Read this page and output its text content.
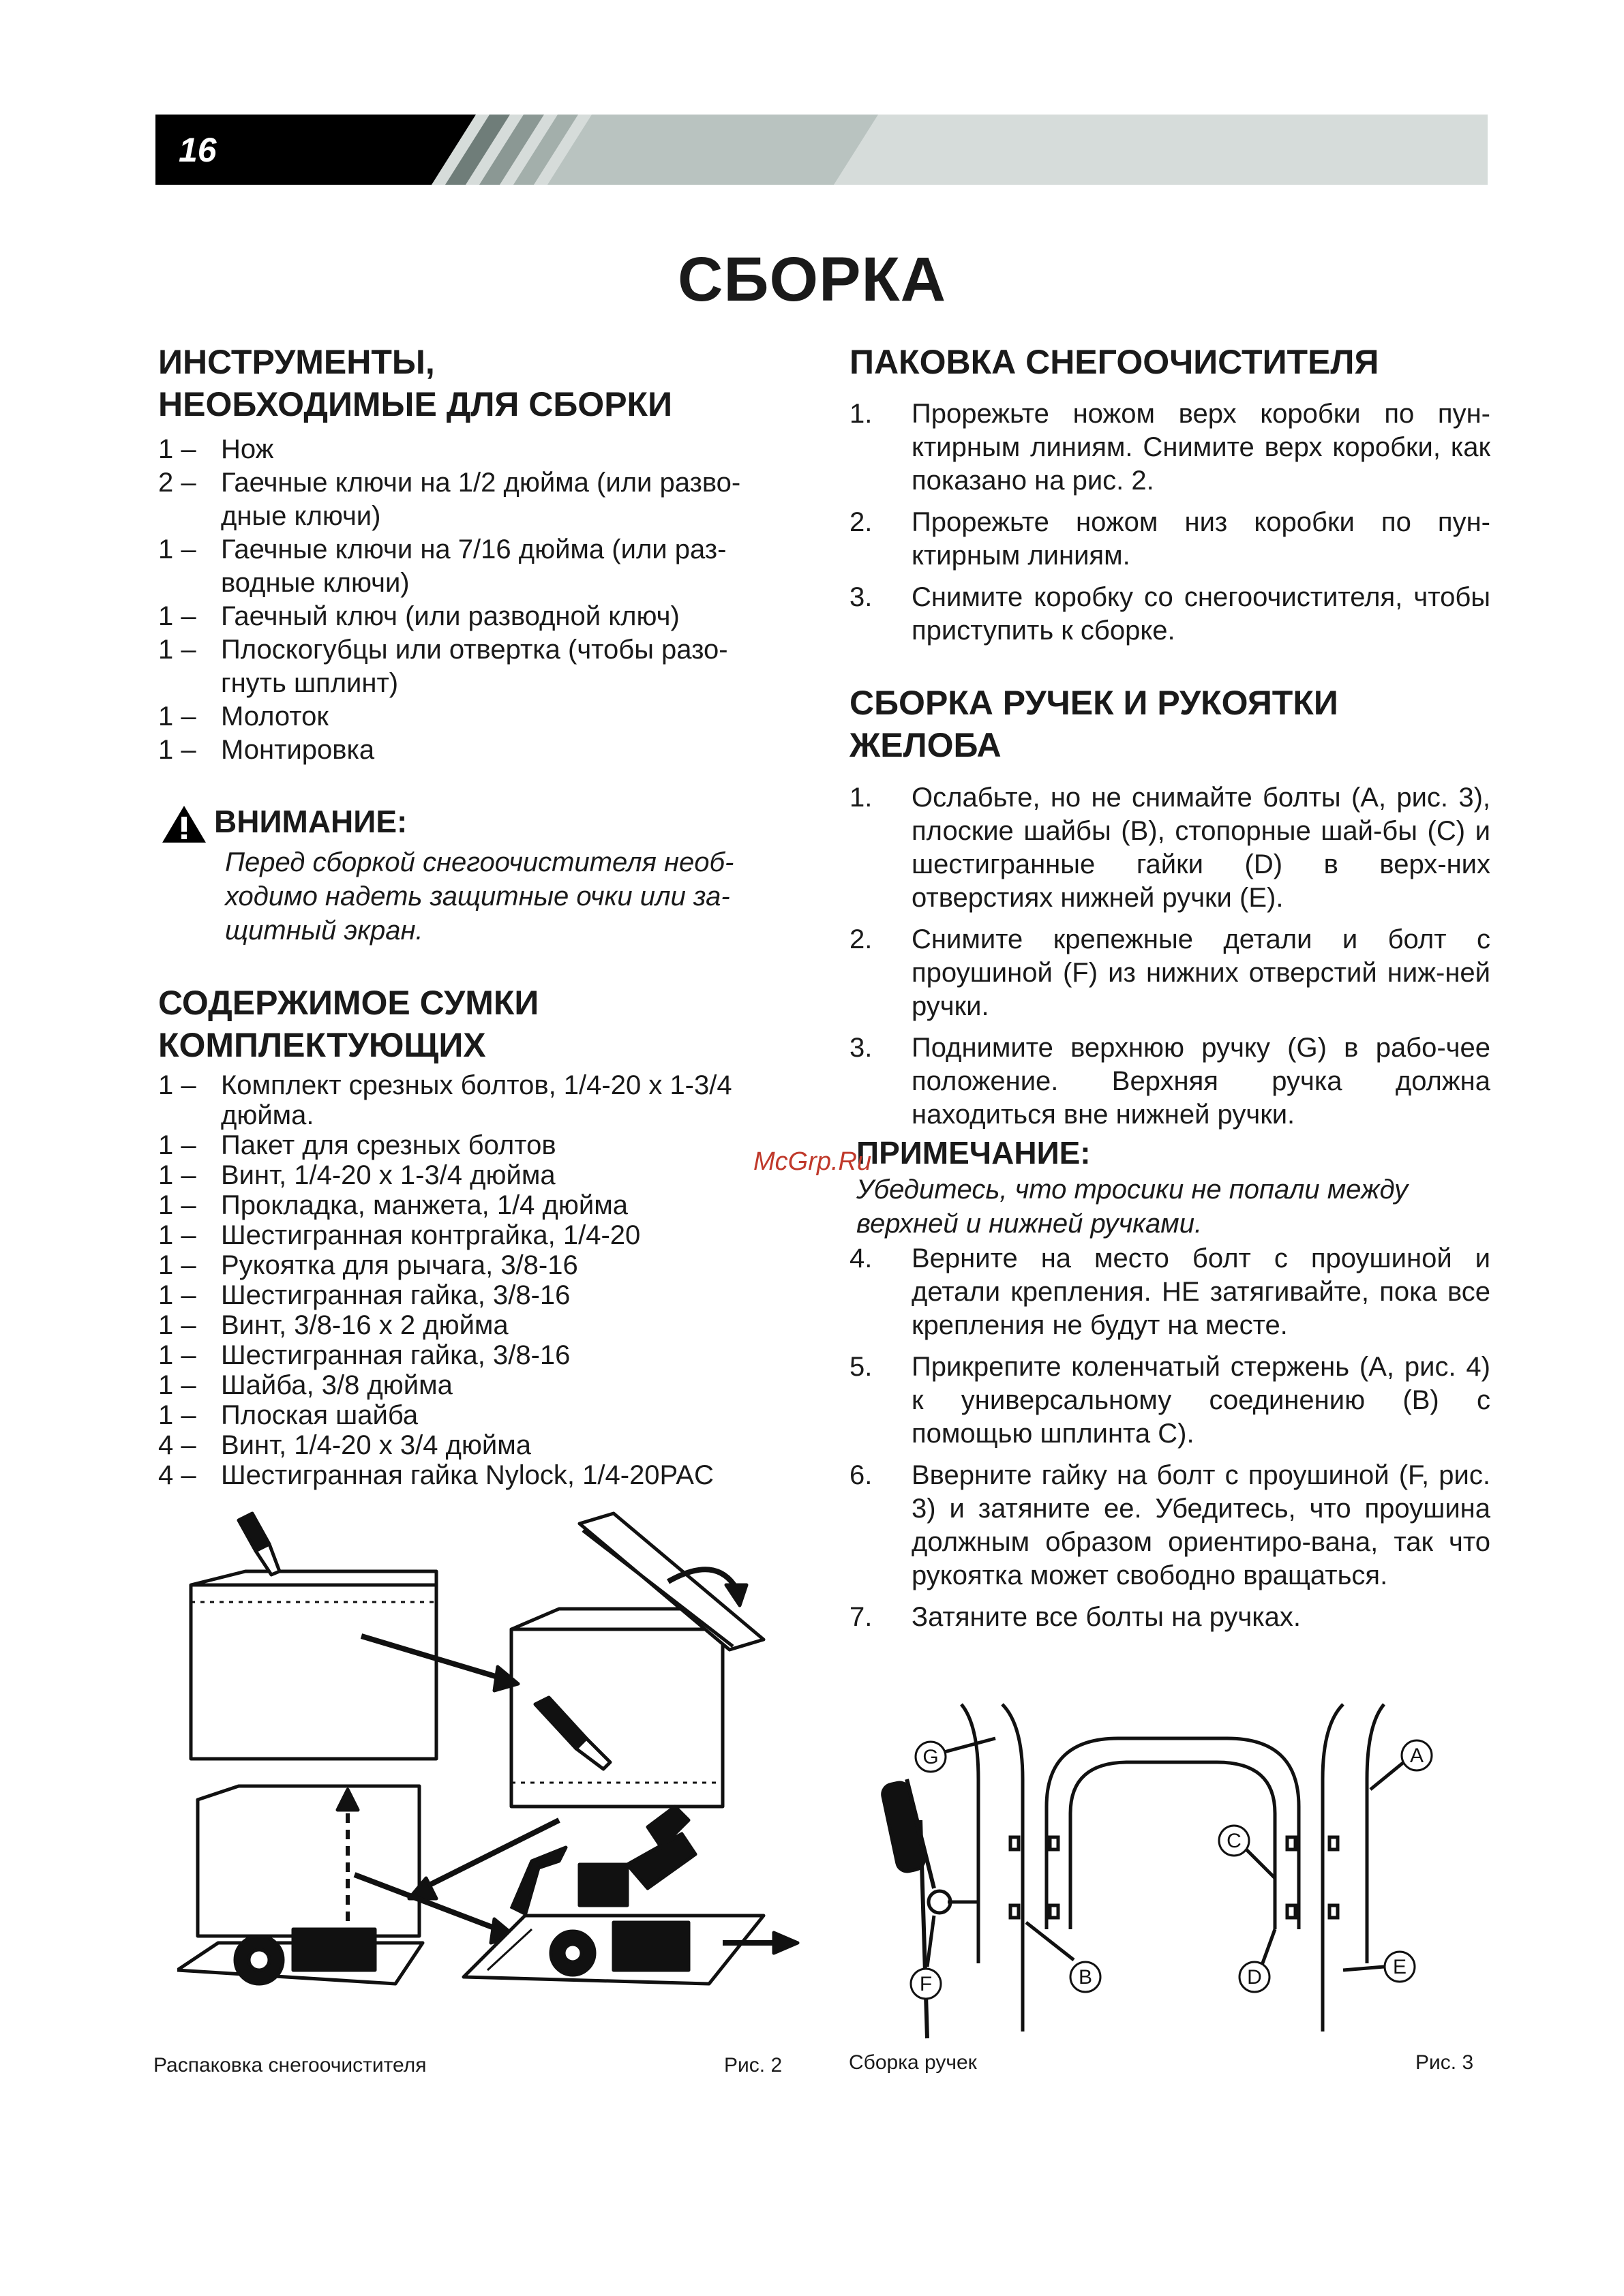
16
СБОРКА
ИНСТРУМЕНТЫ,
НЕОБХОДИМЫЕ ДЛЯ СБОРКИ
1 – Нож
2 – Гаечные ключи на 1/2 дюйма (или разво-
дные ключи)
1 – Гаечные ключи на 7/16 дюйма (или раз-
водные ключи)
1 – Гаечный ключ (или разводной ключ)
1 – Плоскогубцы или отвертка (чтобы разо-
гнуть шплинт)
1 – Молоток
1 – Монтировка
ВНИМАНИЕ:
Перед сборкой снегоочистителя необ-
ходимо надеть защитные очки или за-
щитный экран.
СОДЕРЖИМОЕ СУМКИ
КОМПЛЕКТУЮЩИХ
1 – Комплект срезных болтов, 1/4-20 х 1-3/4
дюйма.
1 – Пакет для срезных болтов
1 – Винт, 1/4-20 х 1-3/4 дюйма
1 – Прокладка, манжета, 1/4 дюйма
1 – Шестигранная контргайка, 1/4-20
1 – Рукоятка для рычага, 3/8-16
1 – Шестигранная гайка, 3/8-16
1 – Винт, 3/8-16 х 2 дюйма
1 – Шестигранная гайка, 3/8-16
1 – Шайба, 3/8 дюйма
1 – Плоская шайба
4 – Винт, 1/4-20 х 3/4 дюйма
4 – Шестигранная гайка Nylock, 1/4-20PAC
Распаковка снегоочистителя	Рис. 2
ПАКОВКА СНЕГООЧИСТИТЕЛЯ
1. Прорежьте ножом верх коробки по пун-ктирным линиям. Снимите верх коробки, как показано на рис. 2.
2. Прорежьте ножом низ коробки по пун-ктирным линиям.
3. Снимите коробку со снегоочистителя, чтобы приступить к сборке.
СБОРКА РУЧЕК И РУКОЯТКИ
ЖЕЛОБА
1. Ослабьте, но не снимайте болты (А, рис. 3), плоские шайбы (В), стопорные шай-бы (С) и шестигранные гайки (D) в верх-них отверстиях нижней ручки (Е).
2. Снимите крепежные детали и болт с проушиной (F) из нижних отверстий ниж-ней ручки.
3. Поднимите верхнюю ручку (G) в рабо-чее положение. Верхняя ручка должна находиться вне нижней ручки.
ПРИМЕЧАНИЕ:
Убедитесь, что тросики не попали между
верхней и нижней ручками.
McGrp.Ru
4. Верните на место болт с проушиной и детали крепления. НЕ затягивайте, пока все крепления не будут на месте.
5. Прикрепите коленчатый стержень (А, рис. 4) к универсальному соединению (В) с помощью шплинта С).
6. Вверните гайку на болт с проушиной (F, рис. 3) и затяните ее. Убедитесь, что проушина должным образом ориентиро-вана, так что рукоятка может свободно вращаться.
7. Затяните все болты на ручках.
G	A
C
B	D	E
F
Сборка ручек	Рис. 3
